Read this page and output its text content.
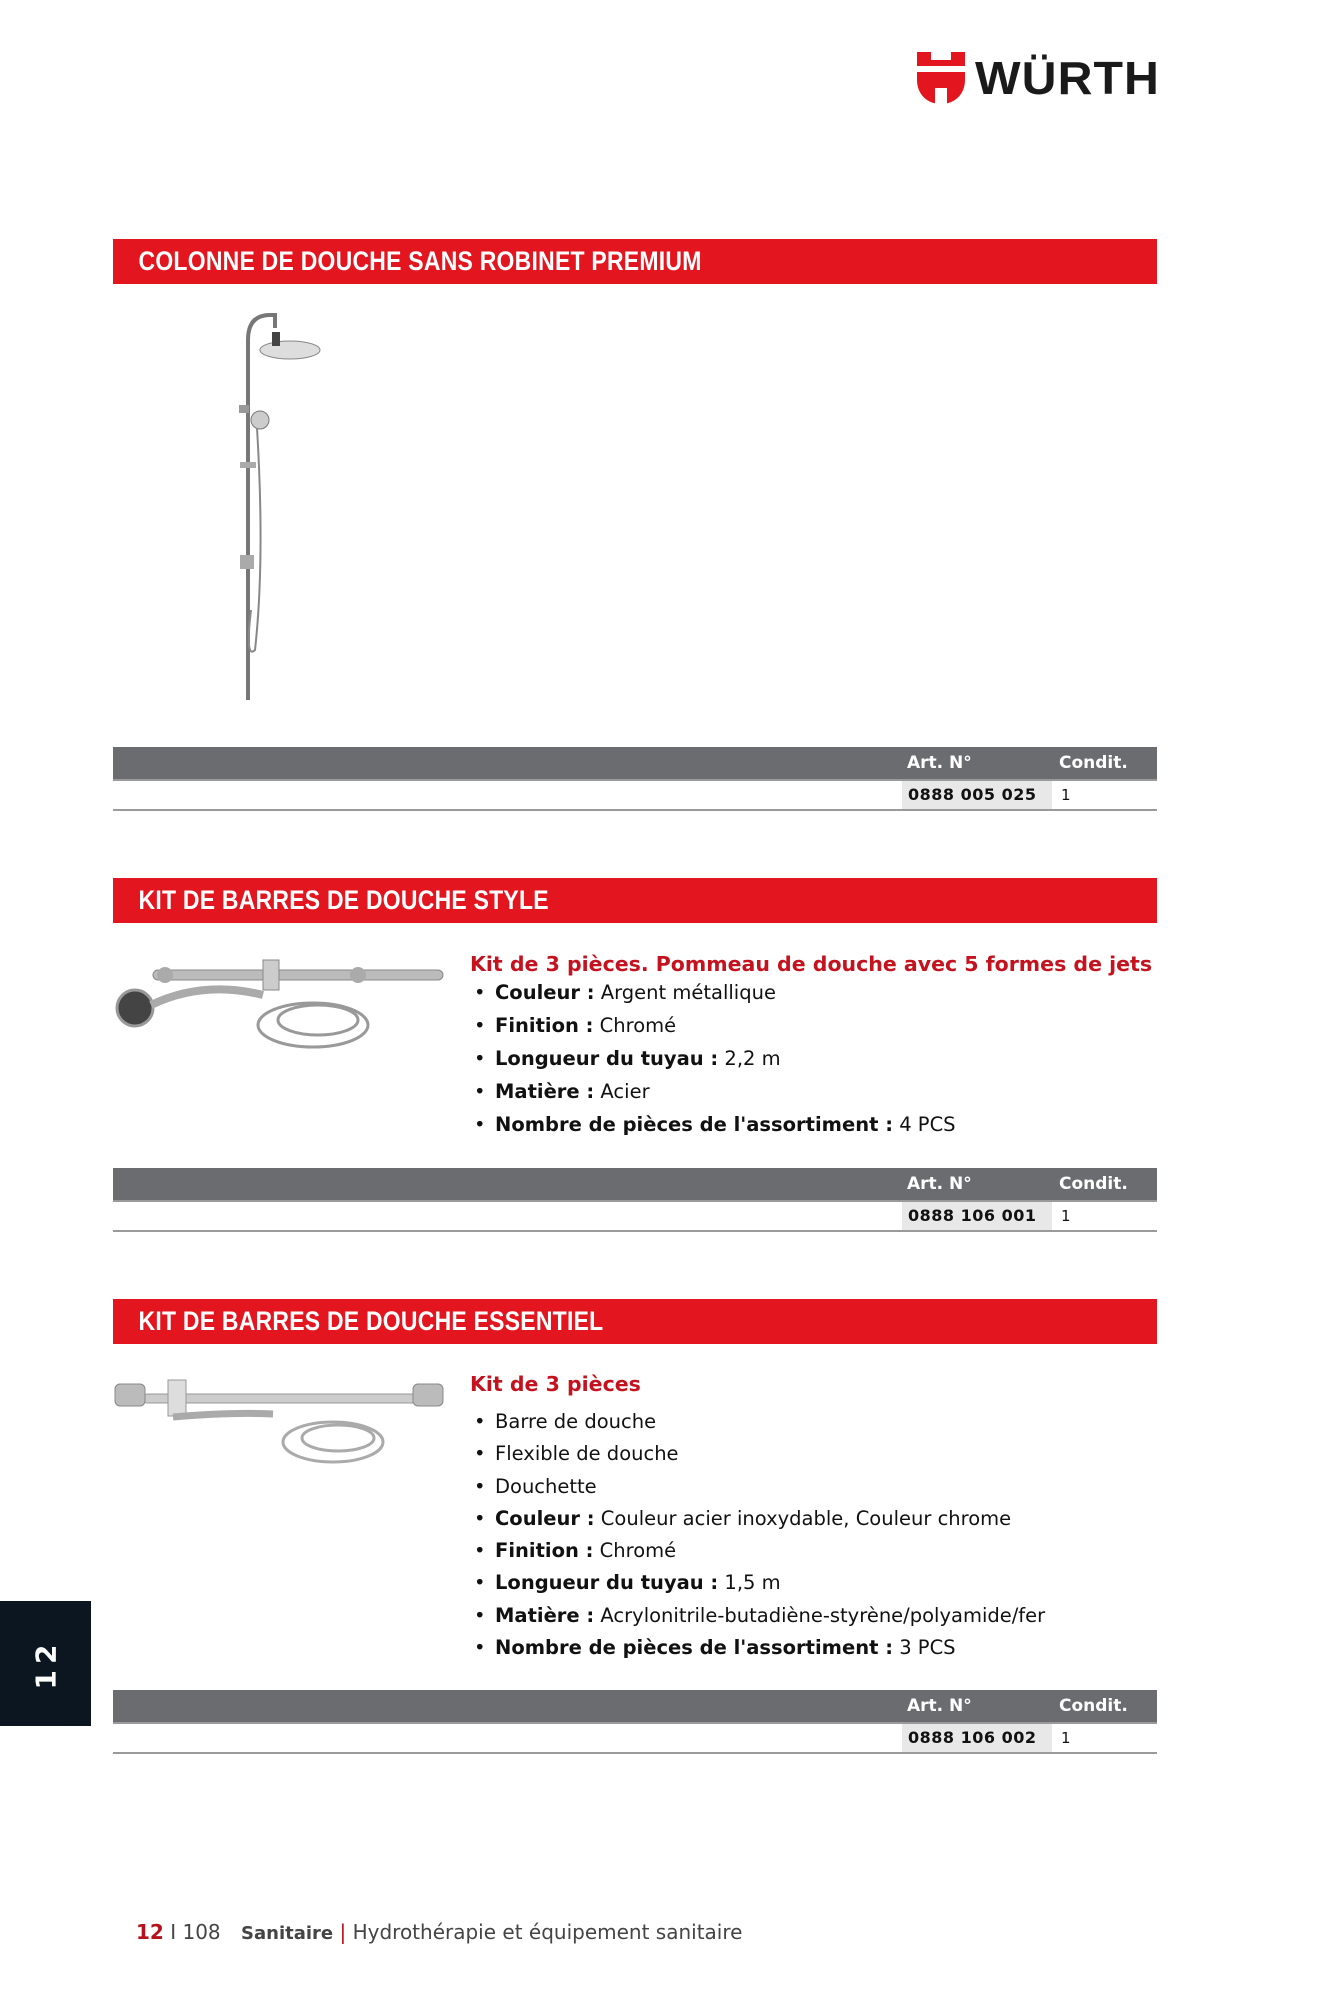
WÜRTH
COLONNE DE DOUCHE SANS ROBINET PREMIUM
Art. N°	Condit.
0888 005 025	1
KIT DE BARRES DE DOUCHE STYLE
Kit de 3 pièces. Pommeau de douche avec 5 formes de jets
• Couleur : Argent métallique
• Finition : Chromé
• Longueur du tuyau : 2,2 m
• Matière : Acier
• Nombre de pièces de l'assortiment : 4 PCS
Art. N°	Condit.
0888 106 001	1
KIT DE BARRES DE DOUCHE ESSENTIEL
Kit de 3 pièces
• Barre de douche
• Flexible de douche
• Douchette
• Couleur : Couleur acier inoxydable, Couleur chrome
• Finition : Chromé
• Longueur du tuyau : 1,5 m
• Matière : Acrylonitrile-butadiène-styrène/polyamide/fer
• Nombre de pièces de l'assortiment : 3 PCS
Art. N°	Condit.
0888 106 002	1
12
12 I 108 Sanitaire | Hydrothérapie et équipement sanitaire
